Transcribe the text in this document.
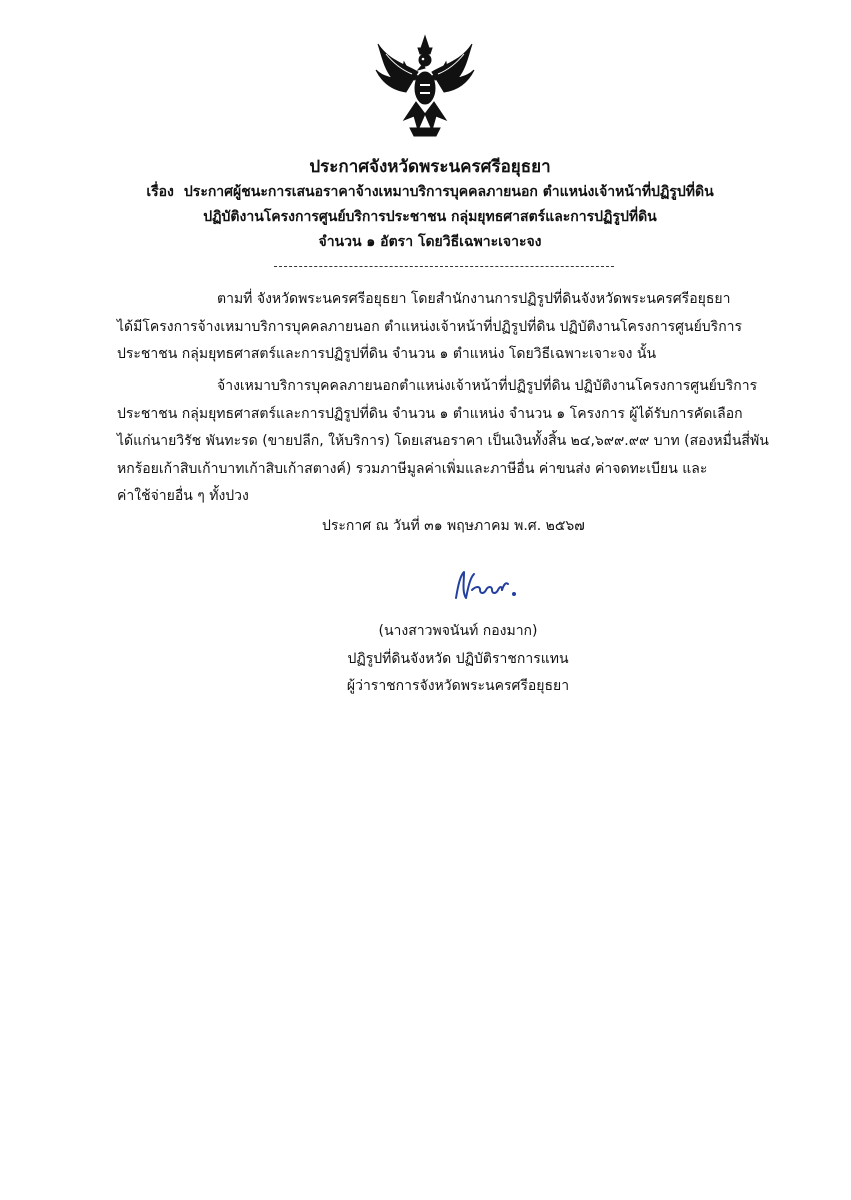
ประกาศจังหวัดพระนครศรีอยุธยา

เรื่อง ประกาศผู้ชนะการเสนอราคาจ้างเหมาบริการบุคคลภายนอก ตำแหน่งเจ้าหน้าที่ปฏิรูปที่ดิน

ปฏิบัติงานโครงการศูนย์บริการประชาชน กลุ่มยุทธศาสตร์และการปฏิรูปที่ดิน

จำนวน ๑ อัตรา โดยวิธีเฉพาะเจาะจง

ตามที่ จังหวัดพระนครศรีอยุธยา โดยสำนักงานการปฏิรูปที่ดินจังหวัดพระนครศรีอยุธยา
ได้มีโครงการจ้างเหมาบริการบุคคลภายนอก ตำแหน่งเจ้าหน้าที่ปฏิรูปที่ดิน ปฏิบัติงานโครงการศูนย์บริการ
ประชาชน กลุ่มยุทธศาสตร์และการปฏิรูปที่ดิน จำนวน ๑ ตำแหน่ง โดยวิธีเฉพาะเจาะจง นั้น

จ้างเหมาบริการบุคคลภายนอกตำแหน่งเจ้าหน้าที่ปฏิรูปที่ดิน ปฏิบัติงานโครงการศูนย์บริการ
ประชาชน กลุ่มยุทธศาสตร์และการปฏิรูปที่ดิน จำนวน ๑ ตำแหน่ง จำนวน ๑ โครงการ ผู้ได้รับการคัดเลือก
ได้แก่นายวิรัช พันทะรด (ขายปลีก, ให้บริการ) โดยเสนอราคา เป็นเงินทั้งสิ้น ๒๔,๖๙๙.๙๙ บาท (สองหมื่นสี่พัน
หกร้อยเก้าสิบเก้าบาทเก้าสิบเก้าสตางค์) รวมภาษีมูลค่าเพิ่มและภาษีอื่น ค่าขนส่ง ค่าจดทะเบียน และ
ค่าใช้จ่ายอื่น ๆ ทั้งปวง

ประกาศ ณ วันที่ ๓๑ พฤษภาคม พ.ศ. ๒๕๖๗

(นางสาวพจนันท์ กองมาก)
ปฏิรูปที่ดินจังหวัด ปฏิบัติราชการแทน
ผู้ว่าราชการจังหวัดพระนครศรีอยุธยา
